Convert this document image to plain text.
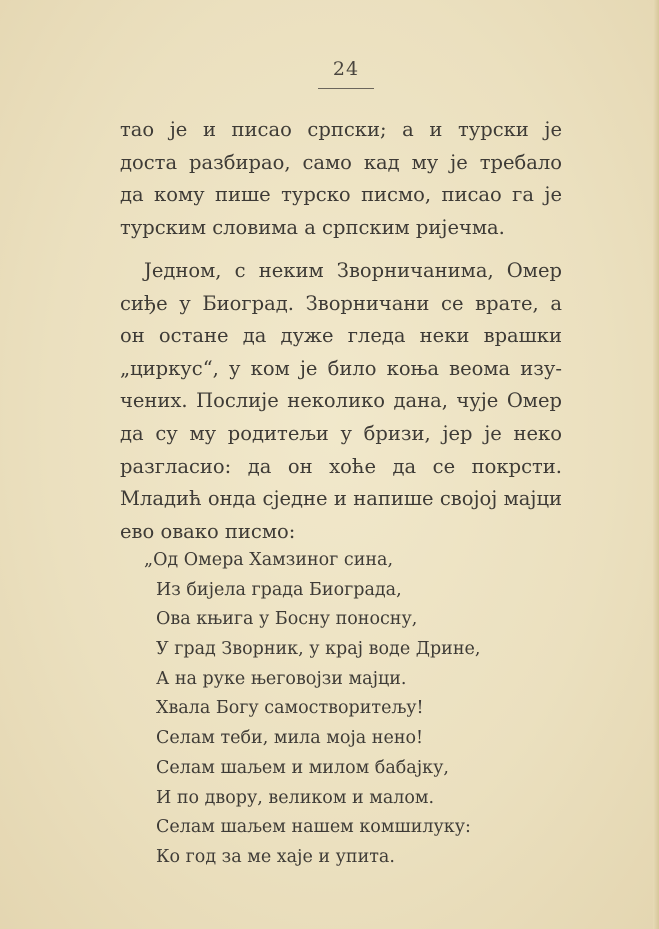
24
тао је и писао српски; а и турски је
доста разбирао, само кад му је требало
да кому пише турско писмо, писао га је
турским словима а српским ријечма.
Једном, с неким Зворничанима, Омер
сиђе у Биоград. Зворничани се врате, а
он остане да дуже гледа неки врашки
„циркус“, у ком је било коња веома изу-
чених. Послије неколико дана, чује Омер
да су му родитељи у бризи, јер је неко
разгласио: да он хоће да се покрсти.
Младић онда сједне и напише својој мајци
ево овако писмо:
„Од Омера Хамзиног сина,
Из бијела града Биограда,
Ова књига у Босну поносну,
У град Зворник, у крај воде Дрине,
А на руке његовојзи мајци.
Хвала Богу самостворитељу!
Селам теби, мила моја нено!
Селам шаљем и милом бабајку,
И по двору, великом и малом.
Селам шаљем нашем комшилуку:
Ко год за ме хаје и упита.
